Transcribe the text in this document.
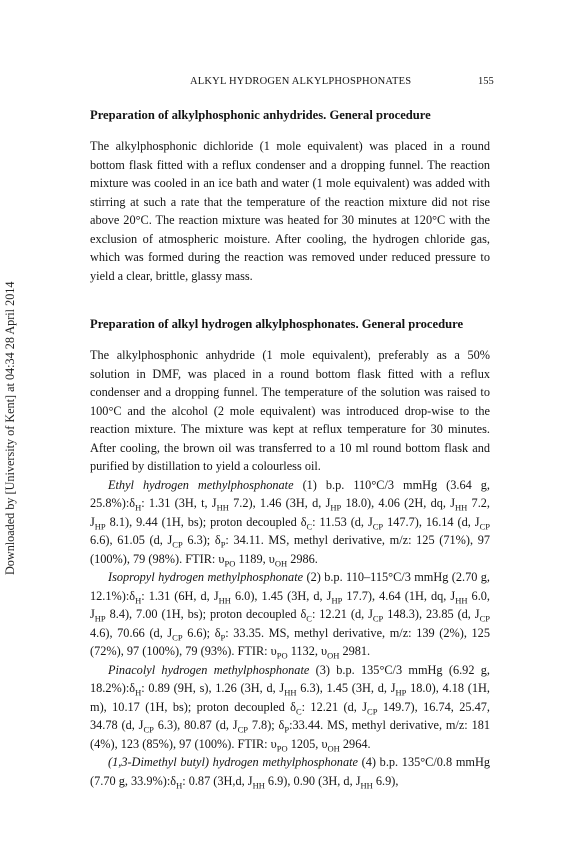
ALKYL HYDROGEN ALKYLPHOSPHONATES	155
Downloaded by [University of Kent] at 04:34 28 April 2014
Preparation of alkylphosphonic anhydrides. General procedure

The alkylphosphonic dichloride (1 mole equivalent) was placed in a round bottom flask fitted with a reflux condenser and a dropping funnel. The reaction mixture was cooled in an ice bath and water (1 mole equivalent) was added with stirring at such a rate that the temperature of the reaction mixture did not rise above 20°C. The reaction mixture was heated for 30 minutes at 120°C with the exclusion of atmospheric moisture. After cooling, the hydrogen chloride gas, which was formed during the reaction was removed under reduced pressure to yield a clear, brittle, glassy mass.

Preparation of alkyl hydrogen alkylphosphonates. General procedure

The alkylphosphonic anhydride (1 mole equivalent), preferably as a 50% solution in DMF, was placed in a round bottom flask fitted with a reflux condenser and a dropping funnel. The temperature of the solution was raised to 100°C and the alcohol (2 mole equivalent) was introduced drop-wise to the reaction mixture. The mixture was kept at reflux temperature for 30 minutes. After cooling, the brown oil was transferred to a 10 ml round bottom flask and purified by distillation to yield a colourless oil.

Ethyl hydrogen methylphosphonate (1) b.p. 110°C/3 mmHg (3.64 g, $25.8\%):\delta_H$: 1.31 (3H, t, $J_{HH}$ 7.2), 1.46 (3H, d, $J_{HP}$ 18.0), 4.06 (2H, dq, $J_{HH}$ 7.2, $J_{HP}$ 8.1), 9.44 (1H, bs); proton decoupled $\delta_C$: 11.53 (d, $J_{CP}$ 147.7), 16.14 (d, $J_{CP}$ 6.6), 61.05 (d, $J_{CP}$ 6.3); $\delta_P$: 34.11. MS, methyl derivative, m/z: 125 (71%), 97 (100%), 79 (98%). FTIR: $\upsilon_{PO}$ 1189, $\upsilon_{OH}$ 2986.

Isopropyl hydrogen methylphosphonate (2) b.p. 110–115°C/3 mmHg (2.70 g, $12.1\%):\delta_H$: 1.31 (6H, d, $J_{HH}$ 6.0), 1.45 (3H, d, $J_{HP}$ 17.7), 4.64 (1H, dq, $J_{HH}$ 6.0, $J_{HP}$ 8.4), 7.00 (1H, bs); proton decoupled $\delta_C$: 12.21 (d, $J_{CP}$ 148.3), 23.85 (d, $J_{CP}$ 4.6), 70.66 (d, $J_{CP}$ 6.6); $\delta_P$: 33.35. MS, methyl derivative, m/z: 139 (2%), 125 (72%), 97 (100%), 79 (93%). FTIR: $\upsilon_{PO}$ 1132, $\upsilon_{OH}$ 2981.

Pinacolyl hydrogen methylphosphonate (3) b.p. 135°C/3 mmHg (6.92 g, $18.2\%):\delta_H$: 0.89 (9H, s), 1.26 (3H, d, $J_{HH}$ 6.3), 1.45 (3H, d, $J_{HP}$ 18.0), 4.18 (1H, m), 10.17 (1H, bs); proton decoupled $\delta_C$: 12.21 (d, $J_{CP}$ 149.7), 16.74, 25.47, 34.78 (d, $J_{CP}$ 6.3), 80.87 (d, $J_{CP}$ 7.8); $\delta_P:33.44$. MS, methyl derivative, m/z: 181 (4%), 123 (85%), 97 (100%). FTIR: $\upsilon_{PO}$ 1205, $\upsilon_{OH}$ 2964.

(1,3-Dimethyl butyl) hydrogen methylphosphonate (4) b.p. 135°C/0.8 mmHg (7.70 g, $33.9\%):\delta_H$: 0.87 (3H,d, $J_{HH}$ 6.9), 0.90 (3H, d, $J_{HH}$ 6.9),
